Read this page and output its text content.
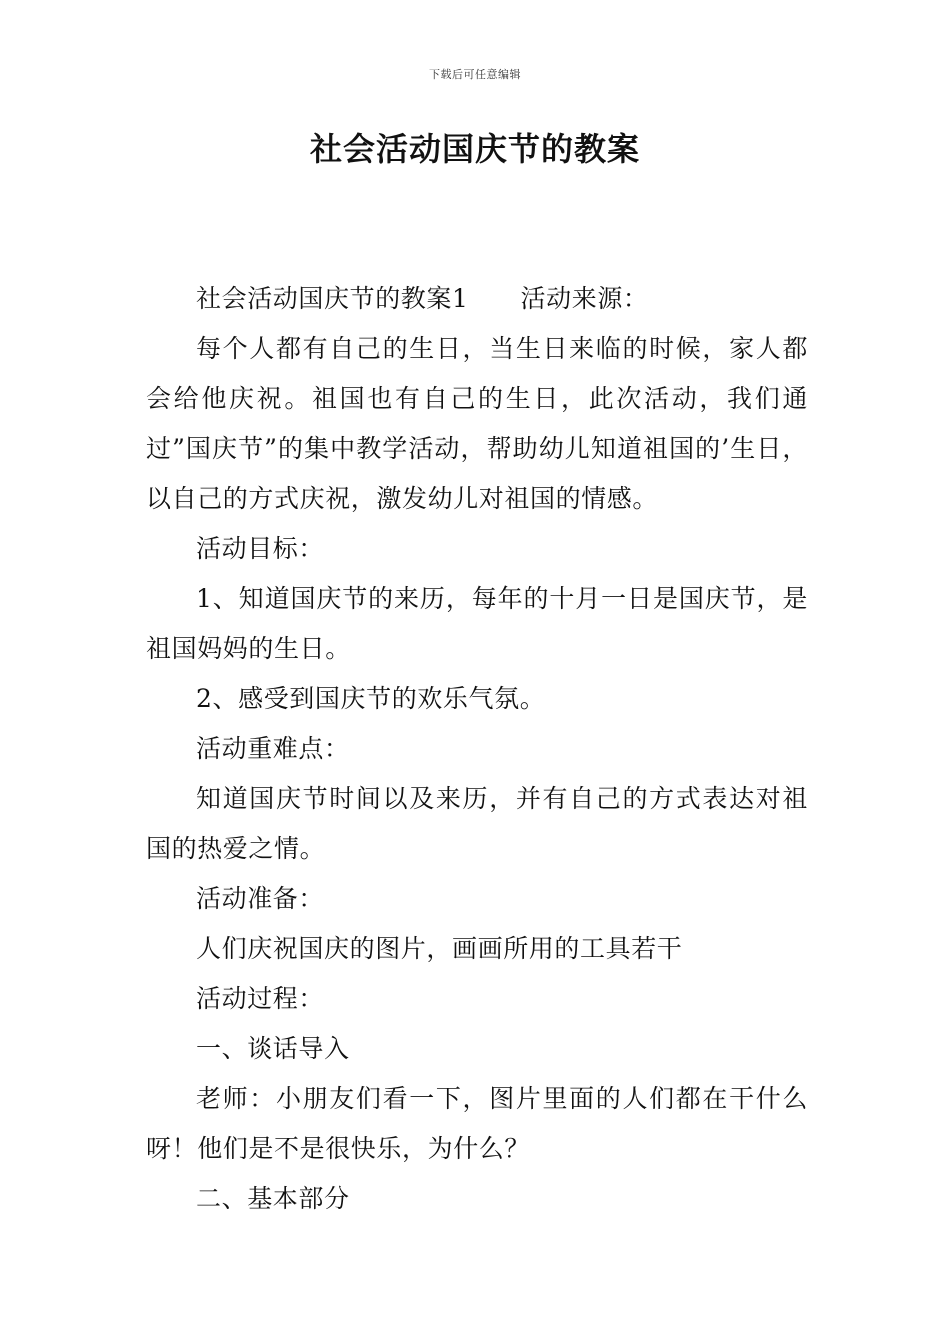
下载后可任意编辑
社会活动国庆节的教案

社会活动国庆节的教案1 活动来源：

每个人都有自己的生日，当生日来临的时候，家人都会给他庆祝。祖国也有自己的生日，此次活动，我们通过”国庆节”的集中教学活动，帮助幼儿知道祖国的’生日，以自己的方式庆祝，激发幼儿对祖国的情感。

活动目标：

1、知道国庆节的来历，每年的十月一日是国庆节，是祖国妈妈的生日。

2、感受到国庆节的欢乐气氛。

活动重难点：

知道国庆节时间以及来历，并有自己的方式表达对祖国的热爱之情。

活动准备：

人们庆祝国庆的图片，画画所用的工具若干

活动过程：

一、谈话导入

老师：小朋友们看一下，图片里面的人们都在干什么呀！他们是不是很快乐，为什么？

二、基本部分
